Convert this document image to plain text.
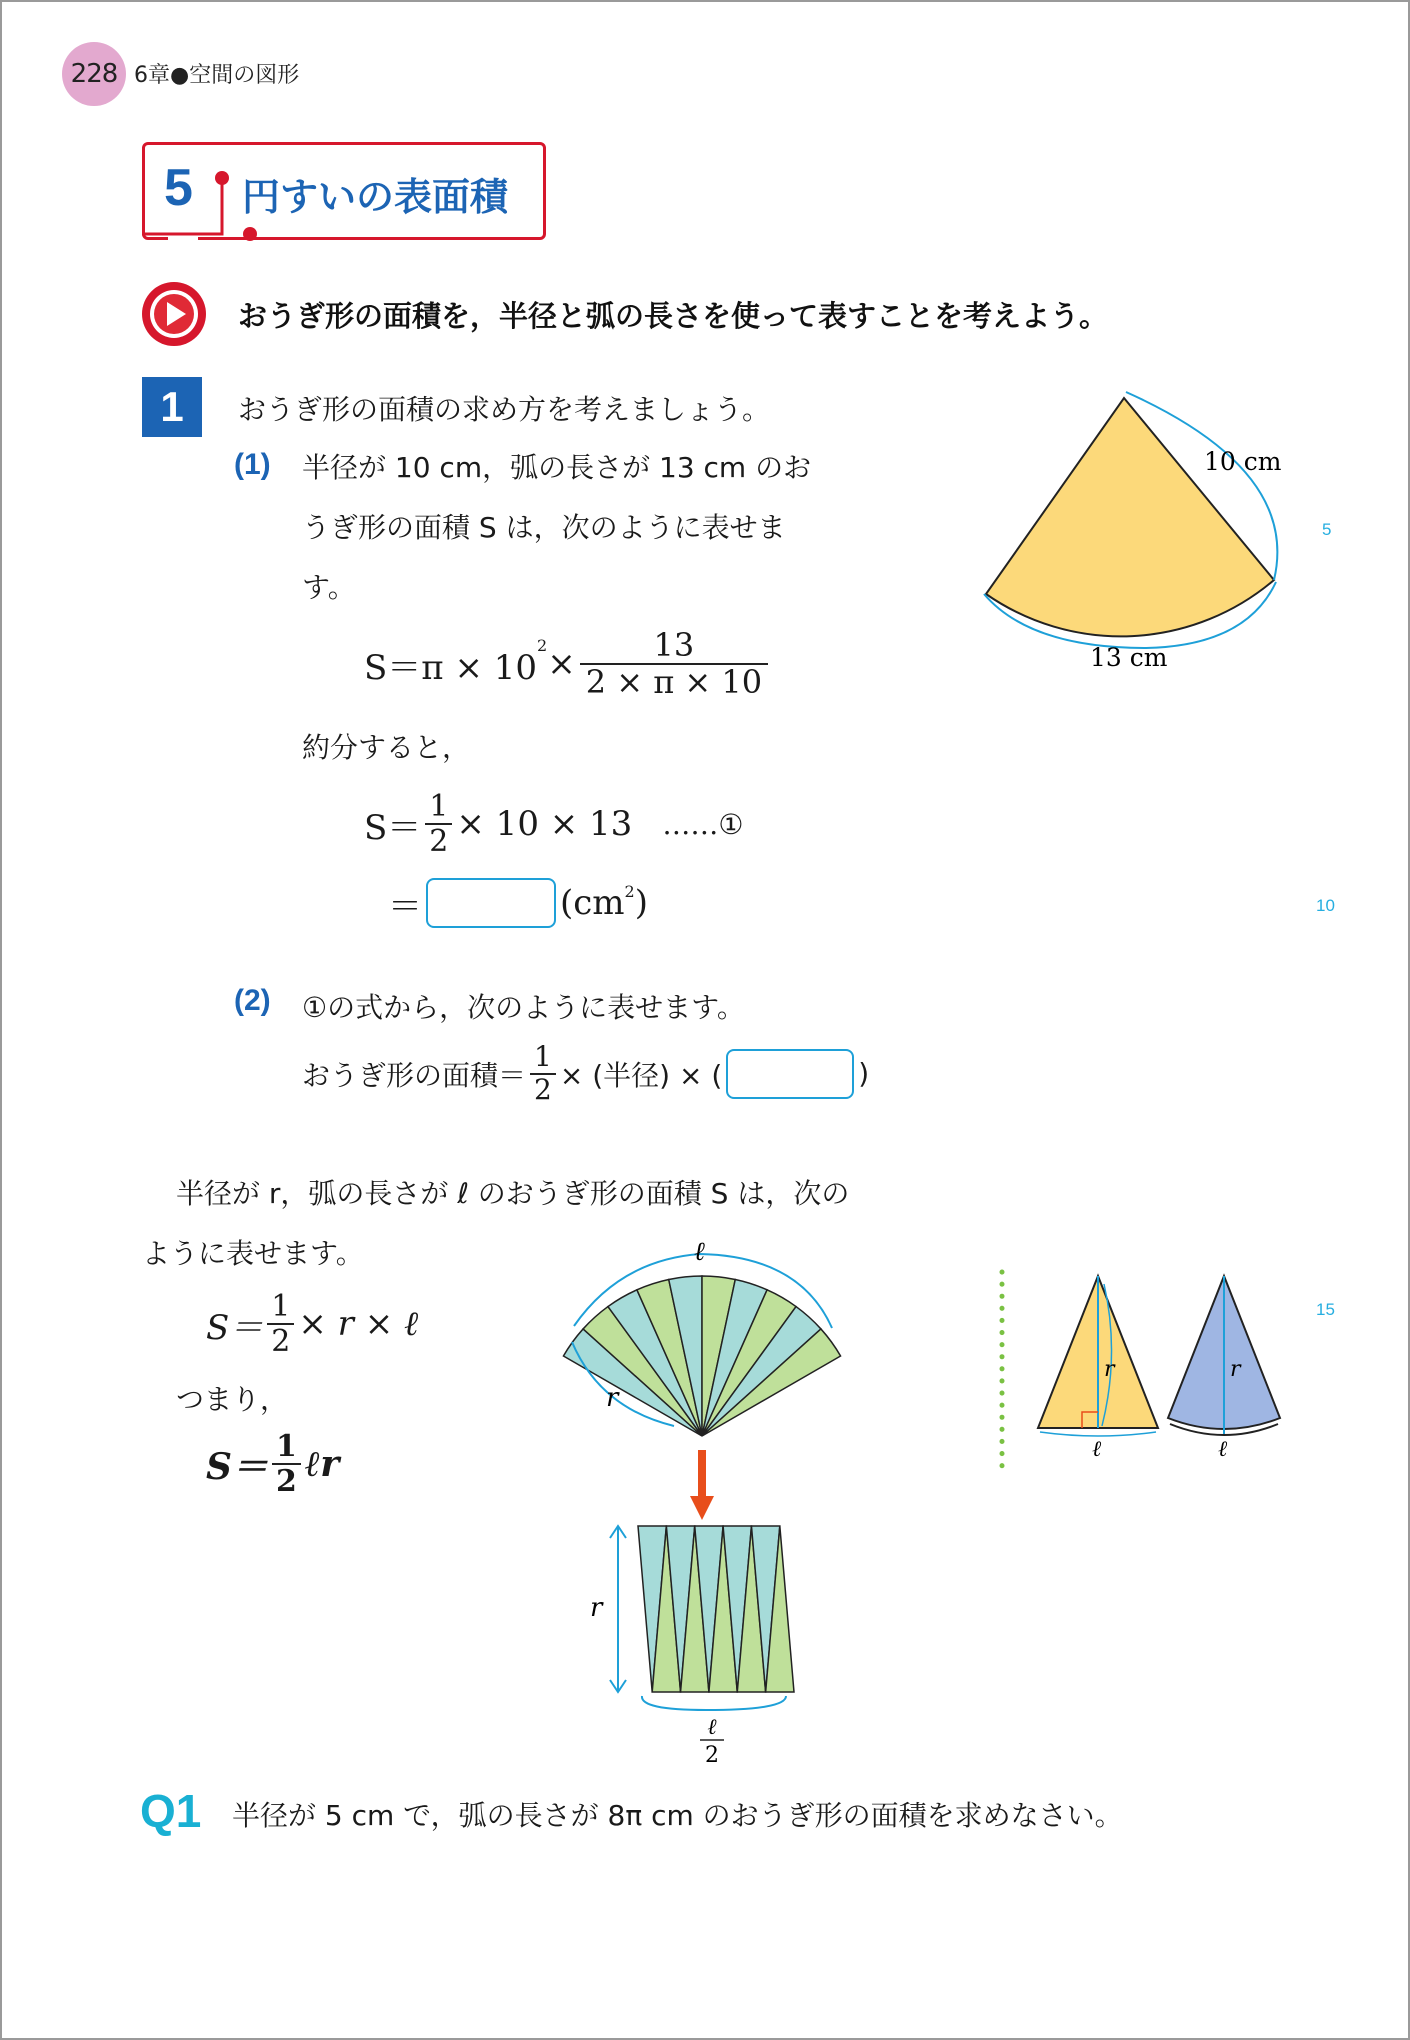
228 6章●空間の図形
5 円すいの表面積
おうぎ形の面積を，半径と弧の長さを使って表すことを考えよう。
1 おうぎ形の面積の求め方を考えましょう。
(1) 半径が 10 cm，弧の長さが 13 cm のお
うぎ形の面積 S は，次のように表せま
す。
S＝π × 10
$^2 \times \frac{13}{2 \times \pi \times 10}$
約分すると，
$S= \frac{1}{2} \times 10 \times 13$ ……①
＝	($cm^2$ )
(2) ①の式から，次のように表せます。
おうぎ形の面積＝ $\frac{1}{2}$ × (半径) × (	)
10 cm
13 cm
5
10
15
半径が r，弧の長さが ℓ のおうぎ形の面積 S は，次の
ように表せます。
$S= \frac{1}{2} \times r$ × ℓ
つまり，
$S= \frac{1}{2}$ ℓr
ℓ
r
r
ℓ
2
r
ℓ
r
ℓ
Q1 半径が 5 cm で，弧の長さが 8π cm のおうぎ形の面積を求めなさい。
